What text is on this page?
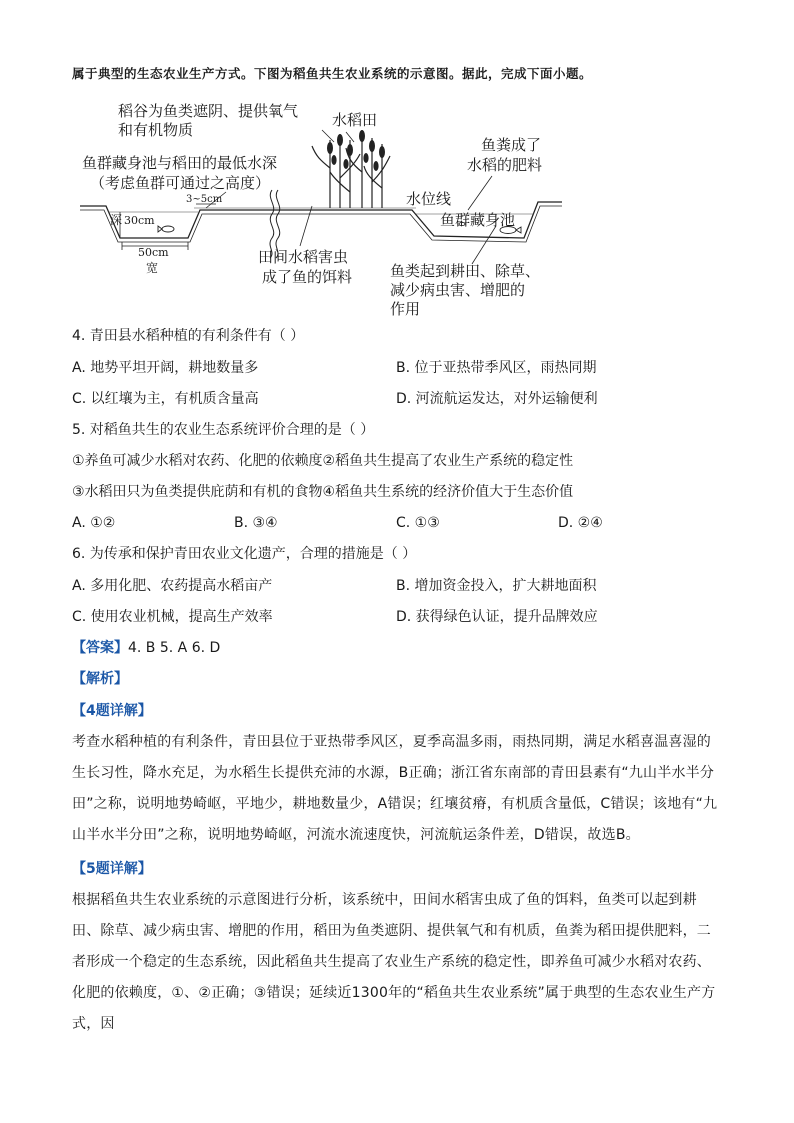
属于典型的生态农业生产方式。下图为稻鱼共生农业系统的示意图。据此，完成下面小题。
稻谷为鱼类遮阴、提供氧气
和有机物质
水稻田
鱼群藏身池与稻田的最低水深
（考虑鱼群可通过之高度）
鱼粪成了
水稻的肥料
3~5cm	水位线
深 30cm	鱼群藏身池
50cm
宽
田间水稻害虫
成了鱼的饵料	鱼类起到耕田、除草、
减少病虫害、增肥的
作用
4. 青田县水稻种植的有利条件有（ ）
A. 地势平坦开阔，耕地数量多	B. 位于亚热带季风区，雨热同期
C. 以红壤为主，有机质含量高	D. 河流航运发达，对外运输便利
5. 对稻鱼共生的农业生态系统评价合理的是（ ）
①养鱼可减少水稻对农药、化肥的依赖度②稻鱼共生提高了农业生产系统的稳定性
③水稻田只为鱼类提供庇荫和有机的食物④稻鱼共生系统的经济价值大于生态价值
A. ①②	B. ③④	C. ①③	D. ②④
6. 为传承和保护青田农业文化遗产，合理的措施是（ ）
A. 多用化肥、农药提高水稻亩产	B. 增加资金投入，扩大耕地面积
C. 使用农业机械，提高生产效率	D. 获得绿色认证，提升品牌效应
【答案】4. B 5. A 6. D
【解析】
【4题详解】
考查水稻种植的有利条件，青田县位于亚热带季风区，夏季高温多雨，雨热同期，满足水稻喜温喜湿的生长习性，降水充足，为水稻生长提供充沛的水源，B正确；浙江省东南部的青田县素有“九山半水半分田”之称，说明地势崎岖，平地少，耕地数量少，A错误；红壤贫瘠，有机质含量低，C错误；该地有“九山半水半分田”之称，说明地势崎岖，河流水流速度快，河流航运条件差，D错误，故选B。
【5题详解】
根据稻鱼共生农业系统的示意图进行分析，该系统中，田间水稻害虫成了鱼的饵料，鱼类可以起到耕田、除草、减少病虫害、增肥的作用，稻田为鱼类遮阴、提供氧气和有机质，鱼粪为稻田提供肥料，二者形成一个稳定的生态系统，因此稻鱼共生提高了农业生产系统的稳定性，即养鱼可减少水稻对农药、化肥的依赖度，①、②正确；③错误；延续近1300年的“稻鱼共生农业系统”属于典型的生态农业生产方式，因
